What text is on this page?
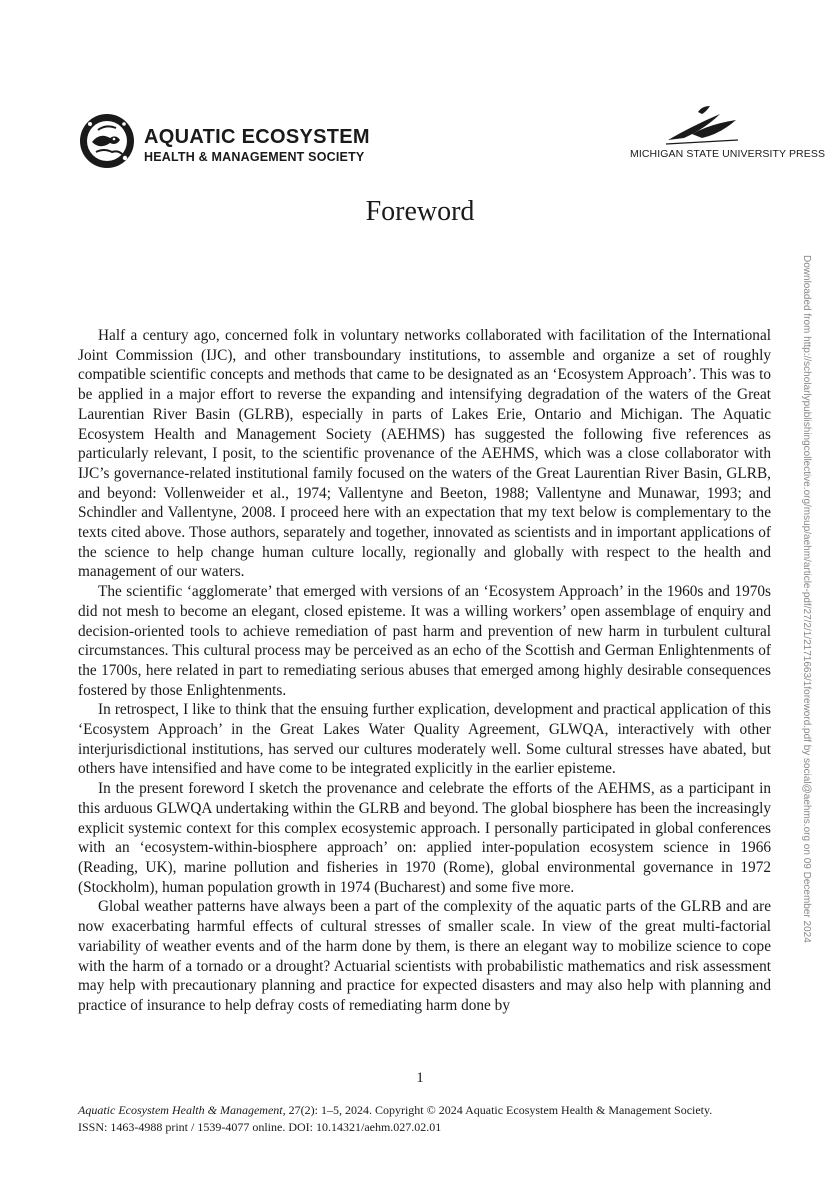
AQUATIC ECOSYSTEM
HEALTH & MANAGEMENT SOCIETY	MICHIGAN STATE UNIVERSITY PRESS
Foreword
Downloaded from http://scholarlypublishingcollective.org/msup/aehm/article-pdf/27/2/1/2171663/1foreword.pdf by social@aehms.org on 09 December 2024

Half a century ago, concerned folk in voluntary networks collaborated with facilitation of the International Joint Commission (IJC), and other transboundary institutions, to assemble and organize a set of roughly compatible scientific concepts and methods that came to be designated as an ‘Ecosystem Approach’. This was to be applied in a major effort to reverse the expanding and intensifying degradation of the waters of the Great Laurentian River Basin (GLRB), especially in parts of Lakes Erie, Ontario and Michigan. The Aquatic Ecosystem Health and Management Society (AEHMS) has suggested the following five references as particularly relevant, I posit, to the scientific provenance of the AEHMS, which was a close collaborator with IJC’s governance-related institutional family focused on the waters of the Great Laurentian River Basin, GLRB, and beyond: Vollenweider et al., 1974; Vallentyne and Beeton, 1988; Vallentyne and Munawar, 1993; and Schindler and Vallentyne, 2008. I proceed here with an expectation that my text below is complementary to the texts cited above. Those authors, separately and together, innovated as scientists and in important applications of the science to help change human culture locally, regionally and globally with respect to the health and management of our waters.

The scientific ‘agglomerate’ that emerged with versions of an ‘Ecosystem Approach’ in the 1960s and 1970s did not mesh to become an elegant, closed episteme. It was a willing workers’ open assemblage of enquiry and decision-oriented tools to achieve remediation of past harm and prevention of new harm in turbulent cultural circumstances. This cultural process may be perceived as an echo of the Scottish and German Enlightenments of the 1700s, here related in part to remediating serious abuses that emerged among highly desirable consequences fostered by those Enlightenments.

In retrospect, I like to think that the ensuing further explication, development and practical application of this ‘Ecosystem Approach’ in the Great Lakes Water Quality Agreement, GLWQA, interactively with other interjurisdictional institutions, has served our cultures moderately well. Some cultural stresses have abated, but others have intensified and have come to be integrated explicitly in the earlier episteme.

In the present foreword I sketch the provenance and celebrate the efforts of the AEHMS, as a participant in this arduous GLWQA undertaking within the GLRB and beyond. The global biosphere has been the increasingly explicit systemic context for this complex ecosystemic approach. I personally participated in global conferences with an ‘ecosystem-within-biosphere approach’ on: applied inter-population ecosystem science in 1966 (Reading, UK), marine pollution and fisheries in 1970 (Rome), global environmental governance in 1972 (Stockholm), human population growth in 1974 (Bucharest) and some five more.

Global weather patterns have always been a part of the complexity of the aquatic parts of the GLRB and are now exacerbating harmful effects of cultural stresses of smaller scale. In view of the great multi-factorial variability of weather events and of the harm done by them, is there an elegant way to mobilize science to cope with the harm of a tornado or a drought? Actuarial scientists with probabilistic mathematics and risk assessment may help with precautionary planning and practice for expected disasters and may also help with planning and practice of insurance to help defray costs of remediating harm done by

1

Aquatic Ecosystem Health & Management, 27(2): 1–5, 2024. Copyright © 2024 Aquatic Ecosystem Health & Management Society.

ISSN: 1463-4988 print / 1539-4077 online. DOI: 10.14321/aehm.027.02.01
